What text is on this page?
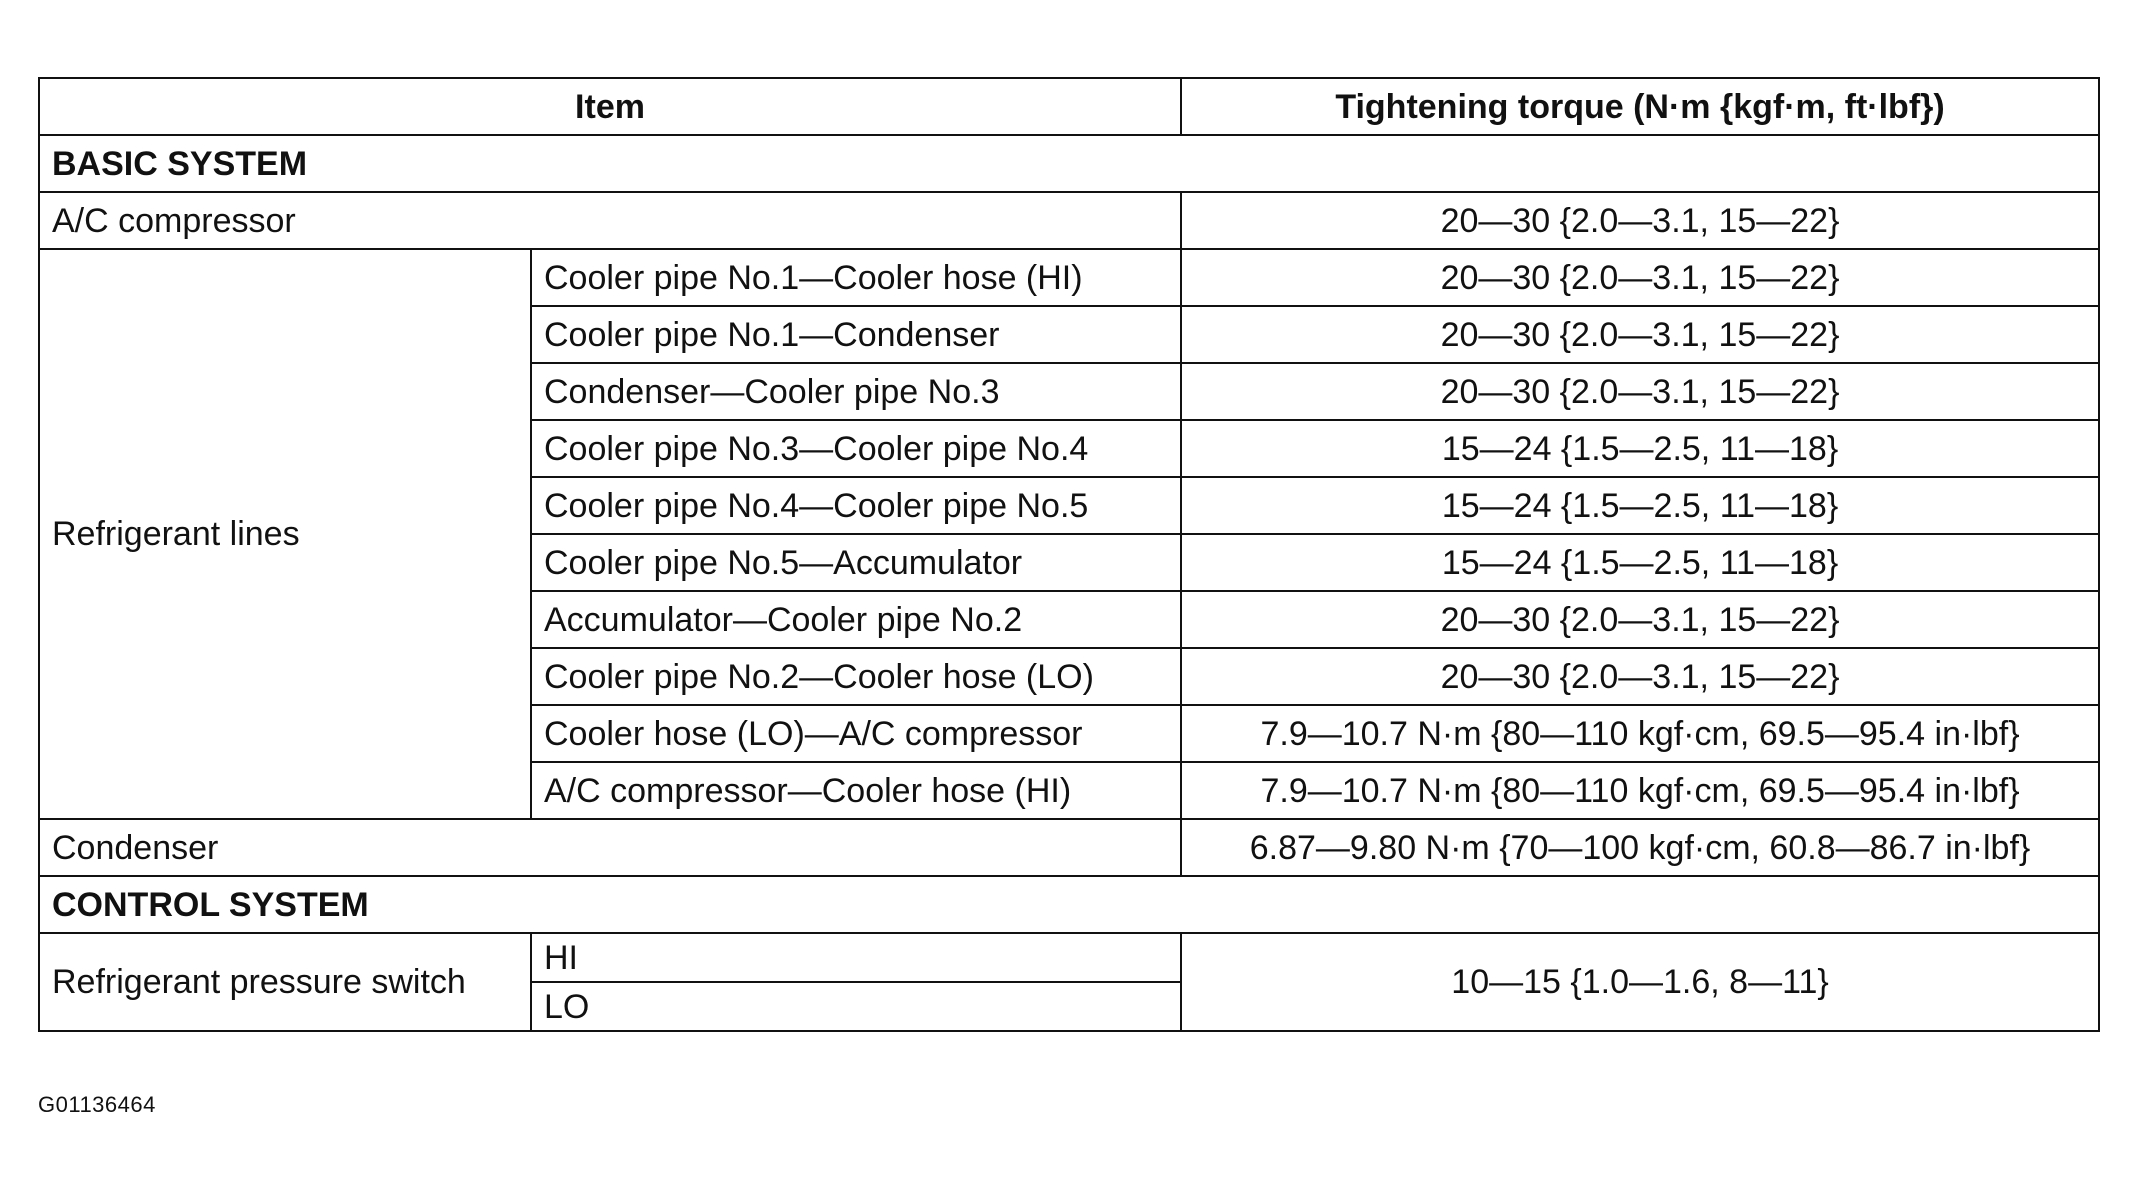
Item		Tightening torque (N·m {kgf·m, ft·lbf})
BASIC SYSTEM		
A/C compressor		20—30 {2.0—3.1, 15—22}
Refrigerant lines	Cooler pipe No.1—Cooler hose (HI)	20—30 {2.0—3.1, 15—22}
	Cooler pipe No.1—Condenser	20—30 {2.0—3.1, 15—22}
	Condenser—Cooler pipe No.3	20—30 {2.0—3.1, 15—22}
	Cooler pipe No.3—Cooler pipe No.4	15—24 {1.5—2.5, 11—18}
	Cooler pipe No.4—Cooler pipe No.5	15—24 {1.5—2.5, 11—18}
	Cooler pipe No.5—Accumulator	15—24 {1.5—2.5, 11—18}
	Accumulator—Cooler pipe No.2	20—30 {2.0—3.1, 15—22}
	Cooler pipe No.2—Cooler hose (LO)	20—30 {2.0—3.1, 15—22}
	Cooler hose (LO)—A/C compressor	7.9—10.7 N·m {80—110 kgf·cm, 69.5—95.4 in·lbf}
	A/C compressor—Cooler hose (HI)	7.9—10.7 N·m {80—110 kgf·cm, 69.5—95.4 in·lbf}
Condenser		6.87—9.80 N·m {70—100 kgf·cm, 60.8—86.7 in·lbf}
CONTROL SYSTEM		
Refrigerant pressure switch	HI	10—15 {1.0—1.6, 8—11}
	LO	
G01136464
